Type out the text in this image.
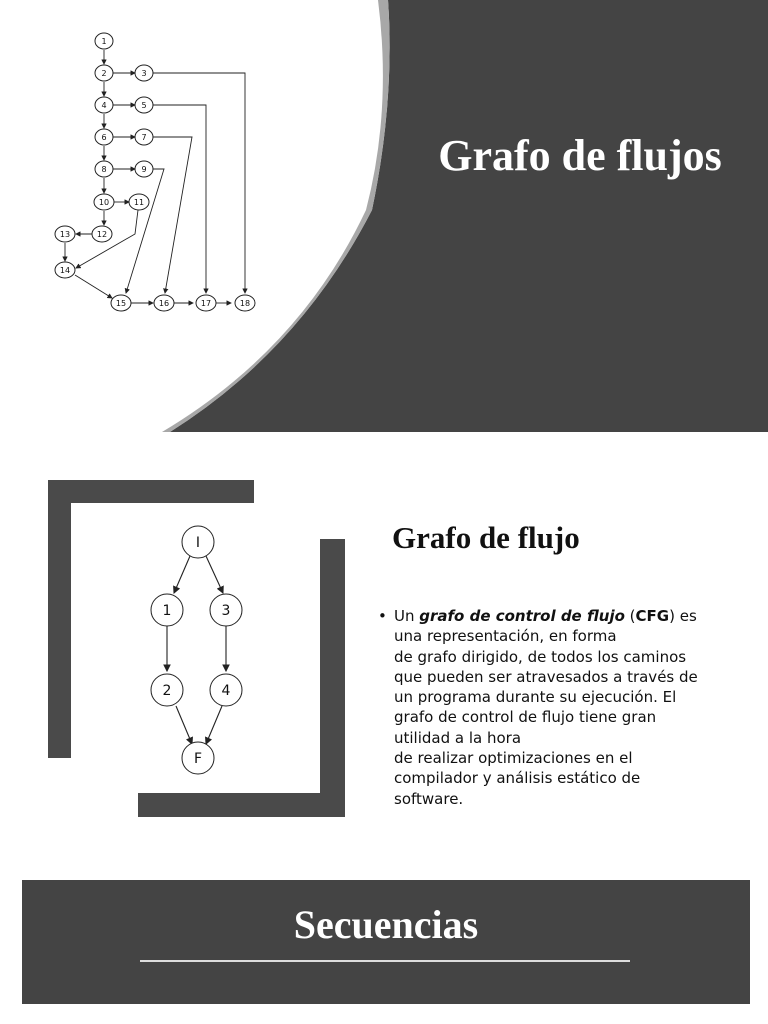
1
2	3
4	5
6	7
8	9
10	11
12
13
14
15	16	17	18
Grafo de flujos
I
1	3
2	4
F
Grafo de flujo
• Un grafo de control de flujo (CFG) es
una representación, en forma
de grafo dirigido, de todos los caminos
que pueden ser atravesados a través de
un programa durante su ejecución. El
grafo de control de flujo tiene gran
utilidad a la hora
de realizar optimizaciones en el
compilador y análisis estático de
software.
Secuencias
